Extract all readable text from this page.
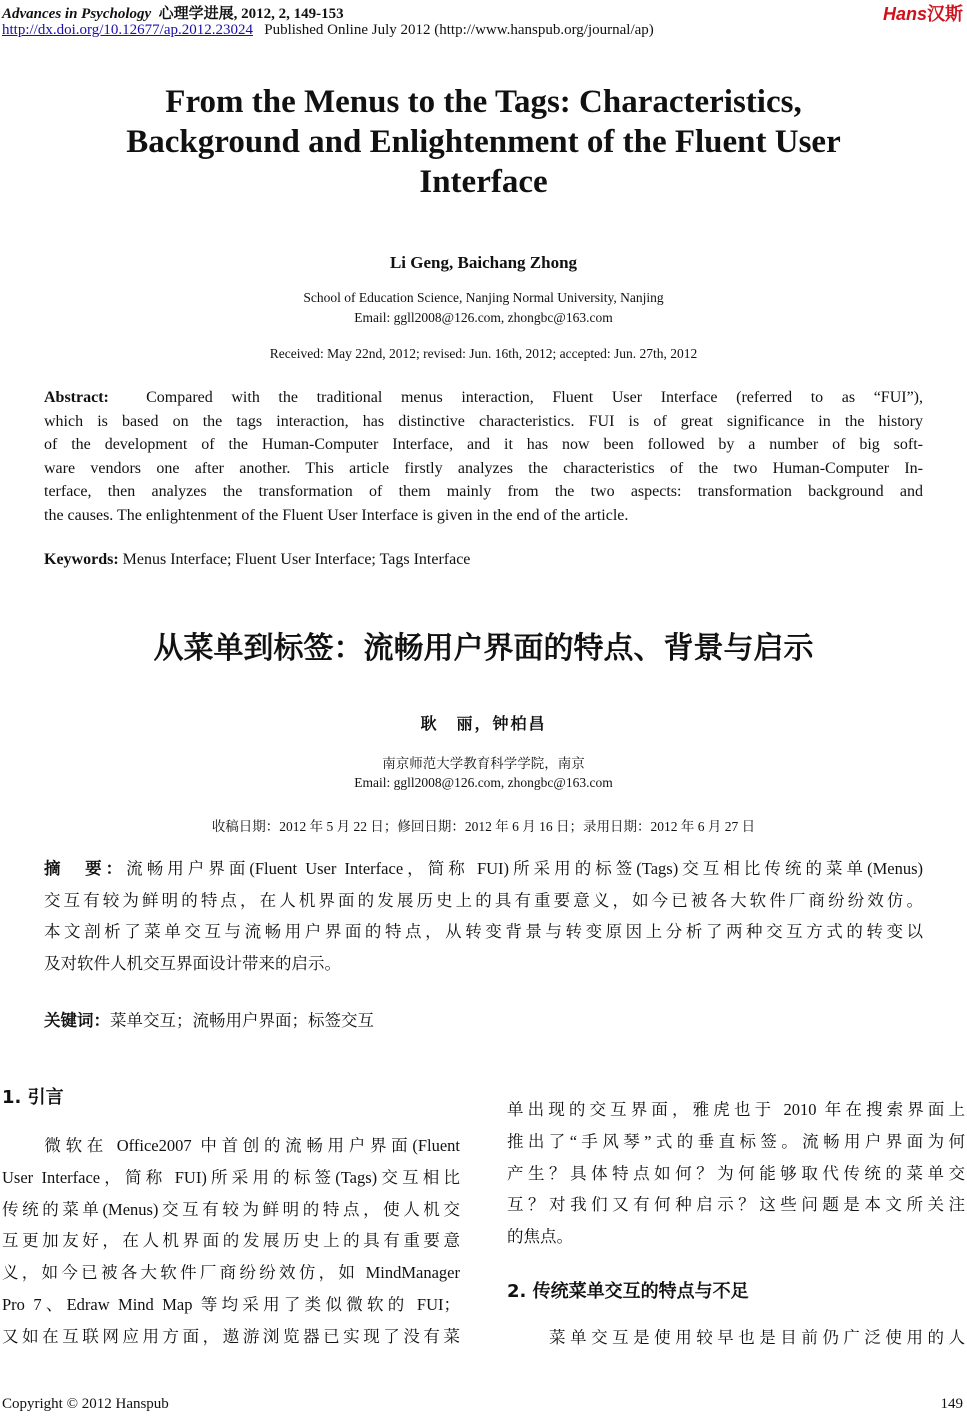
Advances in Psychology 心理学进展, 2012, 2, 149-153
http://dx.doi.org/10.12677/ap.2012.23024 Published Online July 2012 (http://www.hanspub.org/journal/ap)
Hans汉斯
From the Menus to the Tags: Characteristics,
Background and Enlightenment of the Fluent User
Interface
Li Geng, Baichang Zhong
School of Education Science, Nanjing Normal University, Nanjing
Email: ggll2008@126.com, zhongbc@163.com
Received: May 22nd, 2012; revised: Jun. 16th, 2012; accepted: Jun. 27th, 2012
Abstract: Compared with the traditional menus interaction, Fluent User Interface (referred to as “FUI”),
which is based on the tags interaction, has distinctive characteristics. FUI is of great significance in the history
of the development of the Human-Computer Interface, and it has now been followed by a number of big soft-
ware vendors one after another. This article firstly analyzes the characteristics of the two Human-Computer In-
terface, then analyzes the transformation of them mainly from the two aspects: transformation background and
the causes. The enlightenment of the Fluent User Interface is given in the end of the article.
Keywords: Menus Interface; Fluent User Interface; Tags Interface
从菜单到标签：流畅用户界面的特点、背景与启示
耿　丽，钟柏昌
南京师范大学教育科学学院，南京
Email: ggll2008@126.com, zhongbc@163.com
收稿日期：2012 年 5 月 22 日；修回日期：2012 年 6 月 16 日；录用日期：2012 年 6 月 27 日
摘　要：流畅用户界面(Fluent User Interface，简称 FUI)所采用的标签(Tags)交互相比传统的菜单(Menus)
交互有较为鲜明的特点，在人机界面的发展历史上的具有重要意义，如今已被各大软件厂商纷纷效仿。
本文剖析了菜单交互与流畅用户界面的特点，从转变背景与转变原因上分析了两种交互方式的转变以
及对软件人机交互界面设计带来的启示。
关键词：菜单交互；流畅用户界面；标签交互
1. 引言
　　微软在 Office2007 中首创的流畅用户界面(Fluent
User Interface，简称 FUI)所采用的标签(Tags)交互相比
传统的菜单(Menus)交互有较为鲜明的特点，使人机交
互更加友好，在人机界面的发展历史上的具有重要意
义，如今已被各大软件厂商纷纷效仿，如 MindManager
Pro 7、Edraw Mind Map 等均采用了类似微软的 FUI；
又如在互联网应用方面，遨游浏览器已实现了没有菜
单出现的交互界面，雅虎也于 2010 年在搜索界面上
推出了“手风琴”式的垂直标签。流畅用户界面为何
产生？具体特点如何？为何能够取代传统的菜单交
互？对我们又有何种启示？这些问题是本文所关注
的焦点。
2. 传统菜单交互的特点与不足
　　菜单交互是使用较早也是目前仍广泛使用的人
Copyright © 2012 Hanspub	149
